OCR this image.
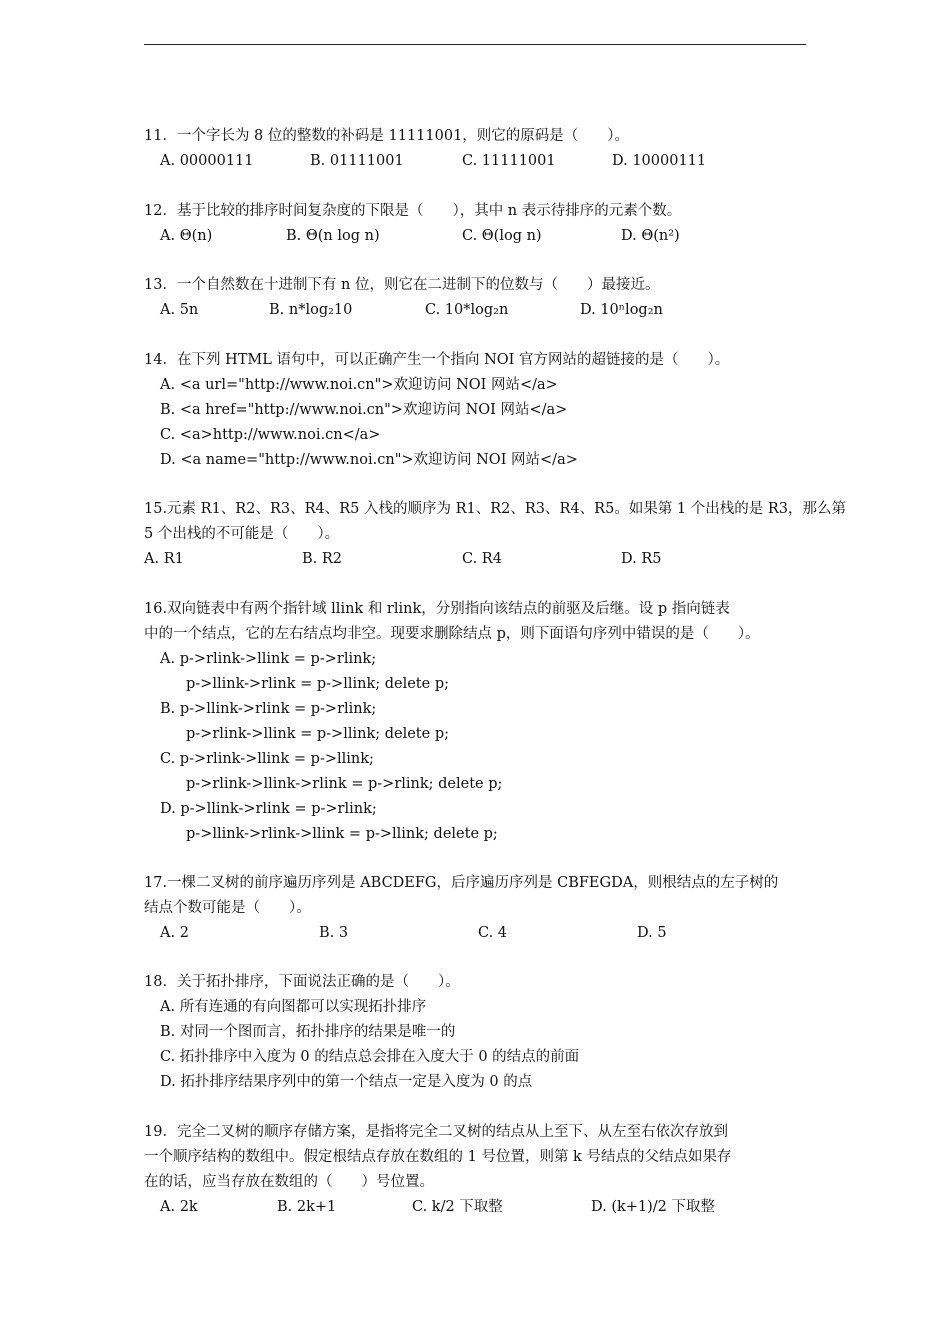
11．一个字长为 8 位的整数的补码是 11111001，则它的原码是（　　）。
A. 00000111	B. 01111001	C. 11111001	D. 10000111
12．基于比较的排序时间复杂度的下限是（　　），其中 n 表示待排序的元素个数。
A. Θ(n)	B. Θ(n log n)	C. Θ(log n)	D. Θ(n²)
13．一个自然数在十进制下有 n 位，则它在二进制下的位数与（　　）最接近。
A. 5n	B. n*log₂10	C. 10*log₂n	D. 10ⁿlog₂n
14．在下列 HTML 语句中，可以正确产生一个指向 NOI 官方网站的超链接的是（　　）。
A. <a url="http://www.noi.cn">欢迎访问 NOI 网站</a>
B. <a href="http://www.noi.cn">欢迎访问 NOI 网站</a>
C. <a>http://www.noi.cn</a>
D. <a name="http://www.noi.cn">欢迎访问 NOI 网站</a>
15.元素 R1、R2、R3、R4、R5 入栈的顺序为 R1、R2、R3、R4、R5。如果第 1 个出栈的是 R3，那么第
5 个出栈的不可能是（　　）。
A. R1	B. R2	C. R4	D. R5
16.双向链表中有两个指针域 llink 和 rlink，分别指向该结点的前驱及后继。设 p 指向链表
中的一个结点，它的左右结点均非空。现要求删除结点 p，则下面语句序列中错误的是（　　）。
A. p->rlink->llink = p->rlink;
p->llink->rlink = p->llink; delete p;
B. p->llink->rlink = p->rlink;
p->rlink->llink = p->llink; delete p;
C. p->rlink->llink = p->llink;
p->rlink->llink->rlink = p->rlink; delete p;
D. p->llink->rlink = p->rlink;
p->llink->rlink->llink = p->llink; delete p;
17.一棵二叉树的前序遍历序列是 ABCDEFG，后序遍历序列是 CBFEGDA，则根结点的左子树的
结点个数可能是（　　）。
A. 2	B. 3	C. 4	D. 5
18．关于拓扑排序，下面说法正确的是（　　）。
A. 所有连通的有向图都可以实现拓扑排序
B. 对同一个图而言，拓扑排序的结果是唯一的
C. 拓扑排序中入度为 0 的结点总会排在入度大于 0 的结点的前面
D. 拓扑排序结果序列中的第一个结点一定是入度为 0 的点
19．完全二叉树的顺序存储方案，是指将完全二叉树的结点从上至下、从左至右依次存放到
一个顺序结构的数组中。假定根结点存放在数组的 1 号位置，则第 k 号结点的父结点如果存
在的话，应当存放在数组的（　　）号位置。
A. 2k	B. 2k+1	C. k/2 下取整	D. (k+1)/2 下取整
